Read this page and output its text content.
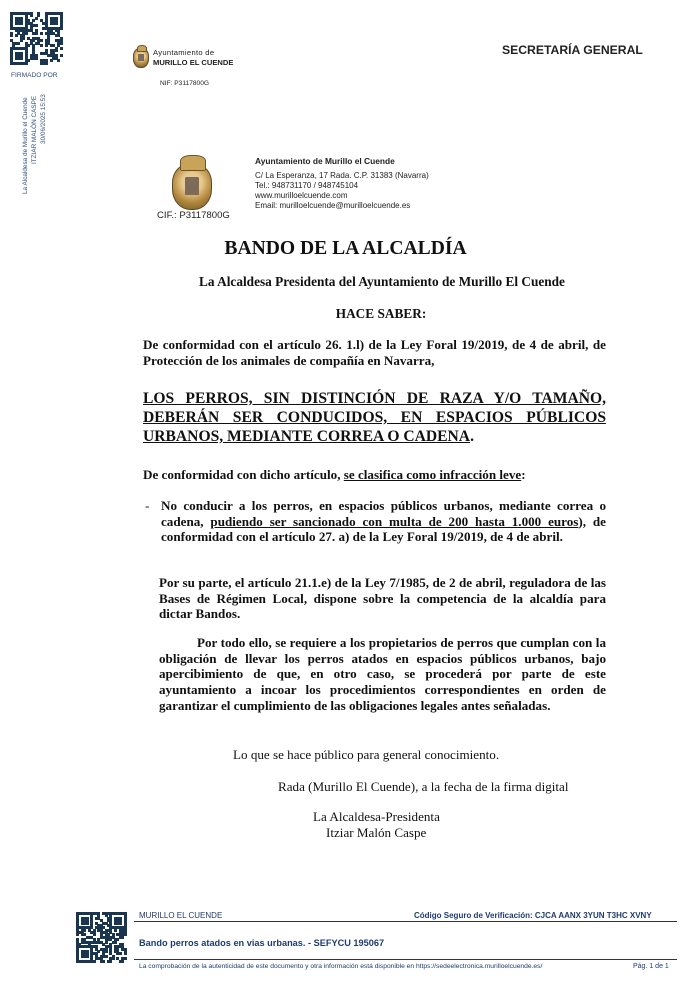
FIRMADO POR
La Alcaldesa de Murillo el Cuende ITZIAR MALÓN CASPE 30/06/2025 15:53
Ayuntamiento de
MURILLO EL CUENDE
NIF: P3117800G
SECRETARÍA GENERAL
CIF.: P3117800G
Ayuntamiento de Murillo el Cuende
C/ La Esperanza, 17 Rada. C.P. 31383 (Navarra)
Tel.: 948731170 / 948745104
www.murilloelcuende.com
Email: murilloelcuende@murilloelcuende.es
BANDO DE LA ALCALDÍA
La Alcaldesa Presidenta del Ayuntamiento de Murillo El Cuende
HACE SABER:
De conformidad con el artículo 26. 1.l) de la Ley Foral 19/2019, de 4 de abril, de Protección de los animales de compañía en Navarra,
LOS PERROS, SIN DISTINCIÓN DE RAZA Y/O TAMAÑO, DEBERÁN SER CONDUCIDOS, EN ESPACIOS PÚBLICOS URBANOS, MEDIANTE CORREA O CADENA.
De conformidad con dicho artículo, se clasifica como infracción leve:
- No conducir a los perros, en espacios públicos urbanos, mediante correa o cadena, pudiendo ser sancionado con multa de 200 hasta 1.000 euros), de conformidad con el artículo 27. a) de la Ley Foral 19/2019, de 4 de abril.
Por su parte, el artículo 21.1.e) de la Ley 7/1985, de 2 de abril, reguladora de las Bases de Régimen Local, dispone sobre la competencia de la alcaldía para dictar Bandos.
Por todo ello, se requiere a los propietarios de perros que cumplan con la obligación de llevar los perros atados en espacios públicos urbanos, bajo apercibimiento de que, en otro caso, se procederá por parte de este ayuntamiento a incoar los procedimientos correspondientes en orden de garantizar el cumplimiento de las obligaciones legales antes señaladas.
Lo que se hace público para general conocimiento.
Rada (Murillo El Cuende), a la fecha de la firma digital
La Alcaldesa-Presidenta
Itziar Malón Caspe
MURILLO EL CUENDE	Código Seguro de Verificación: CJCA AANX 3YUN T3HC XVNY
Bando perros atados en vias urbanas. - SEFYCU 195067
La comprobación de la autenticidad de este documento y otra información está disponible en https://sedeelectronica.murilloelcuende.es/	Pág. 1 de 1
